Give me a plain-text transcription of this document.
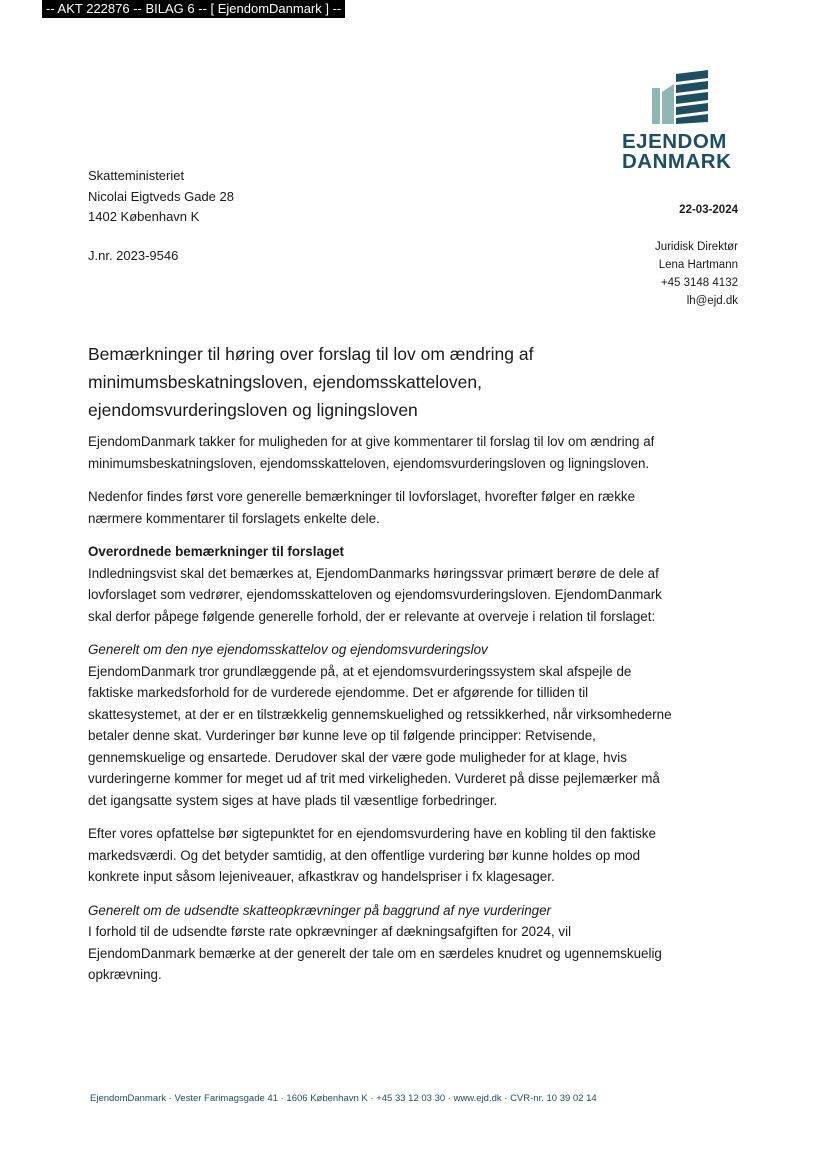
-- AKT 222876 -- BILAG 6 -- [ EjendomDanmark ] --
EJENDOM
DANMARK
Skatteministeriet
Nicolai Eigtveds Gade 28
1402 København K
J.nr. 2023-9546
22-03-2024
Juridisk Direktør
Lena Hartmann
+45 3148 4132
lh@ejd.dk
Bemærkninger til høring over forslag til lov om ændring af minimumsbeskatningsloven, ejendomsskatteloven, ejendomsvurderingsloven og ligningsloven

EjendomDanmark takker for muligheden for at give kommentarer til forslag til lov om ændring af minimumsbeskatningsloven, ejendomsskatteloven, ejendomsvurderingsloven og ligningsloven.

Nedenfor findes først vore generelle bemærkninger til lovforslaget, hvorefter følger en række nærmere kommentarer til forslagets enkelte dele.

Overordnede bemærkninger til forslaget

Indledningsvist skal det bemærkes at, EjendomDanmarks høringssvar primært berøre de dele af lovforslaget som vedrører, ejendomsskatteloven og ejendomsvurderingsloven. EjendomDanmark skal derfor påpege følgende generelle forhold, der er relevante at overveje i relation til forslaget:

Generelt om den nye ejendomsskattelov og ejendomsvurderingslov

EjendomDanmark tror grundlæggende på, at et ejendomsvurderingssystem skal afspejle de faktiske markedsforhold for de vurderede ejendomme. Det er afgørende for tilliden til skattesystemet, at der er en tilstrækkelig gennemskuelighed og retssikkerhed, når virksomhederne betaler denne skat. Vurderinger bør kunne leve op til følgende principper: Retvisende, gennemskuelige og ensartede. Derudover skal der være gode muligheder for at klage, hvis vurderingerne kommer for meget ud af trit med virkeligheden. Vurderet på disse pejlemærker må det igangsatte system siges at have plads til væsentlige forbedringer.

Efter vores opfattelse bør sigtepunktet for en ejendomsvurdering have en kobling til den faktiske markedsværdi. Og det betyder samtidig, at den offentlige vurdering bør kunne holdes op mod konkrete input såsom lejeniveauer, afkastkrav og handelspriser i fx klagesager.

Generelt om de udsendte skatteopkrævninger på baggrund af nye vurderinger

I forhold til de udsendte første rate opkrævninger af dækningsafgiften for 2024, vil EjendomDanmark bemærke at der generelt der tale om en særdeles knudret og ugennemskuelig opkrævning.

EjendomDanmark · Vester Farimagsgade 41 · 1606 København K · +45 33 12 03 30 · www.ejd.dk · CVR-nr. 10 39 02 14
